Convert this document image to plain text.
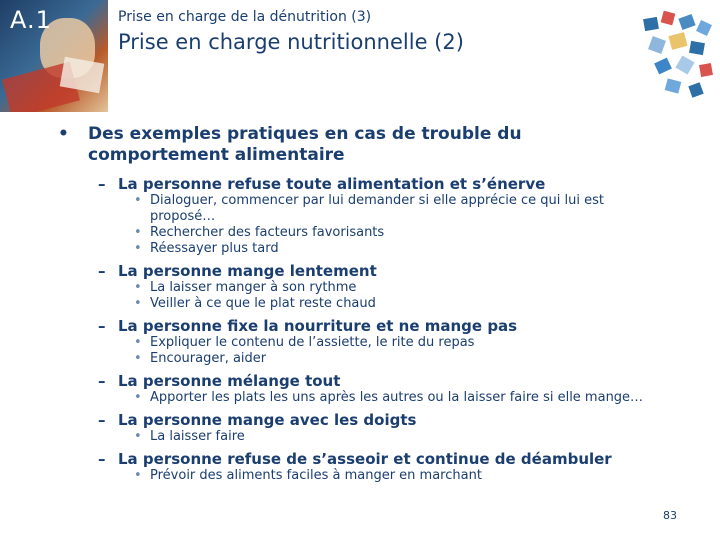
A.1	Prise en charge de la dénutrition (3)
Prise en charge nutritionnelle (2)
•	Des exemples pratiques en cas de trouble du comportement alimentaire
– La personne refuse toute alimentation et s’énerve
• Dialoguer, commencer par lui demander si elle apprécie ce qui lui est proposé…
• Rechercher des facteurs favorisants
• Réessayer plus tard
– La personne mange lentement
• La laisser manger à son rythme
• Veiller à ce que le plat reste chaud
– La personne fixe la nourriture et ne mange pas
• Expliquer le contenu de l’assiette, le rite du repas
• Encourager, aider
– La personne mélange tout
• Apporter les plats les uns après les autres ou la laisser faire si elle mange…
– La personne mange avec les doigts
• La laisser faire
– La personne refuse de s’asseoir et continue de déambuler
• Prévoir des aliments faciles à manger en marchant
83
